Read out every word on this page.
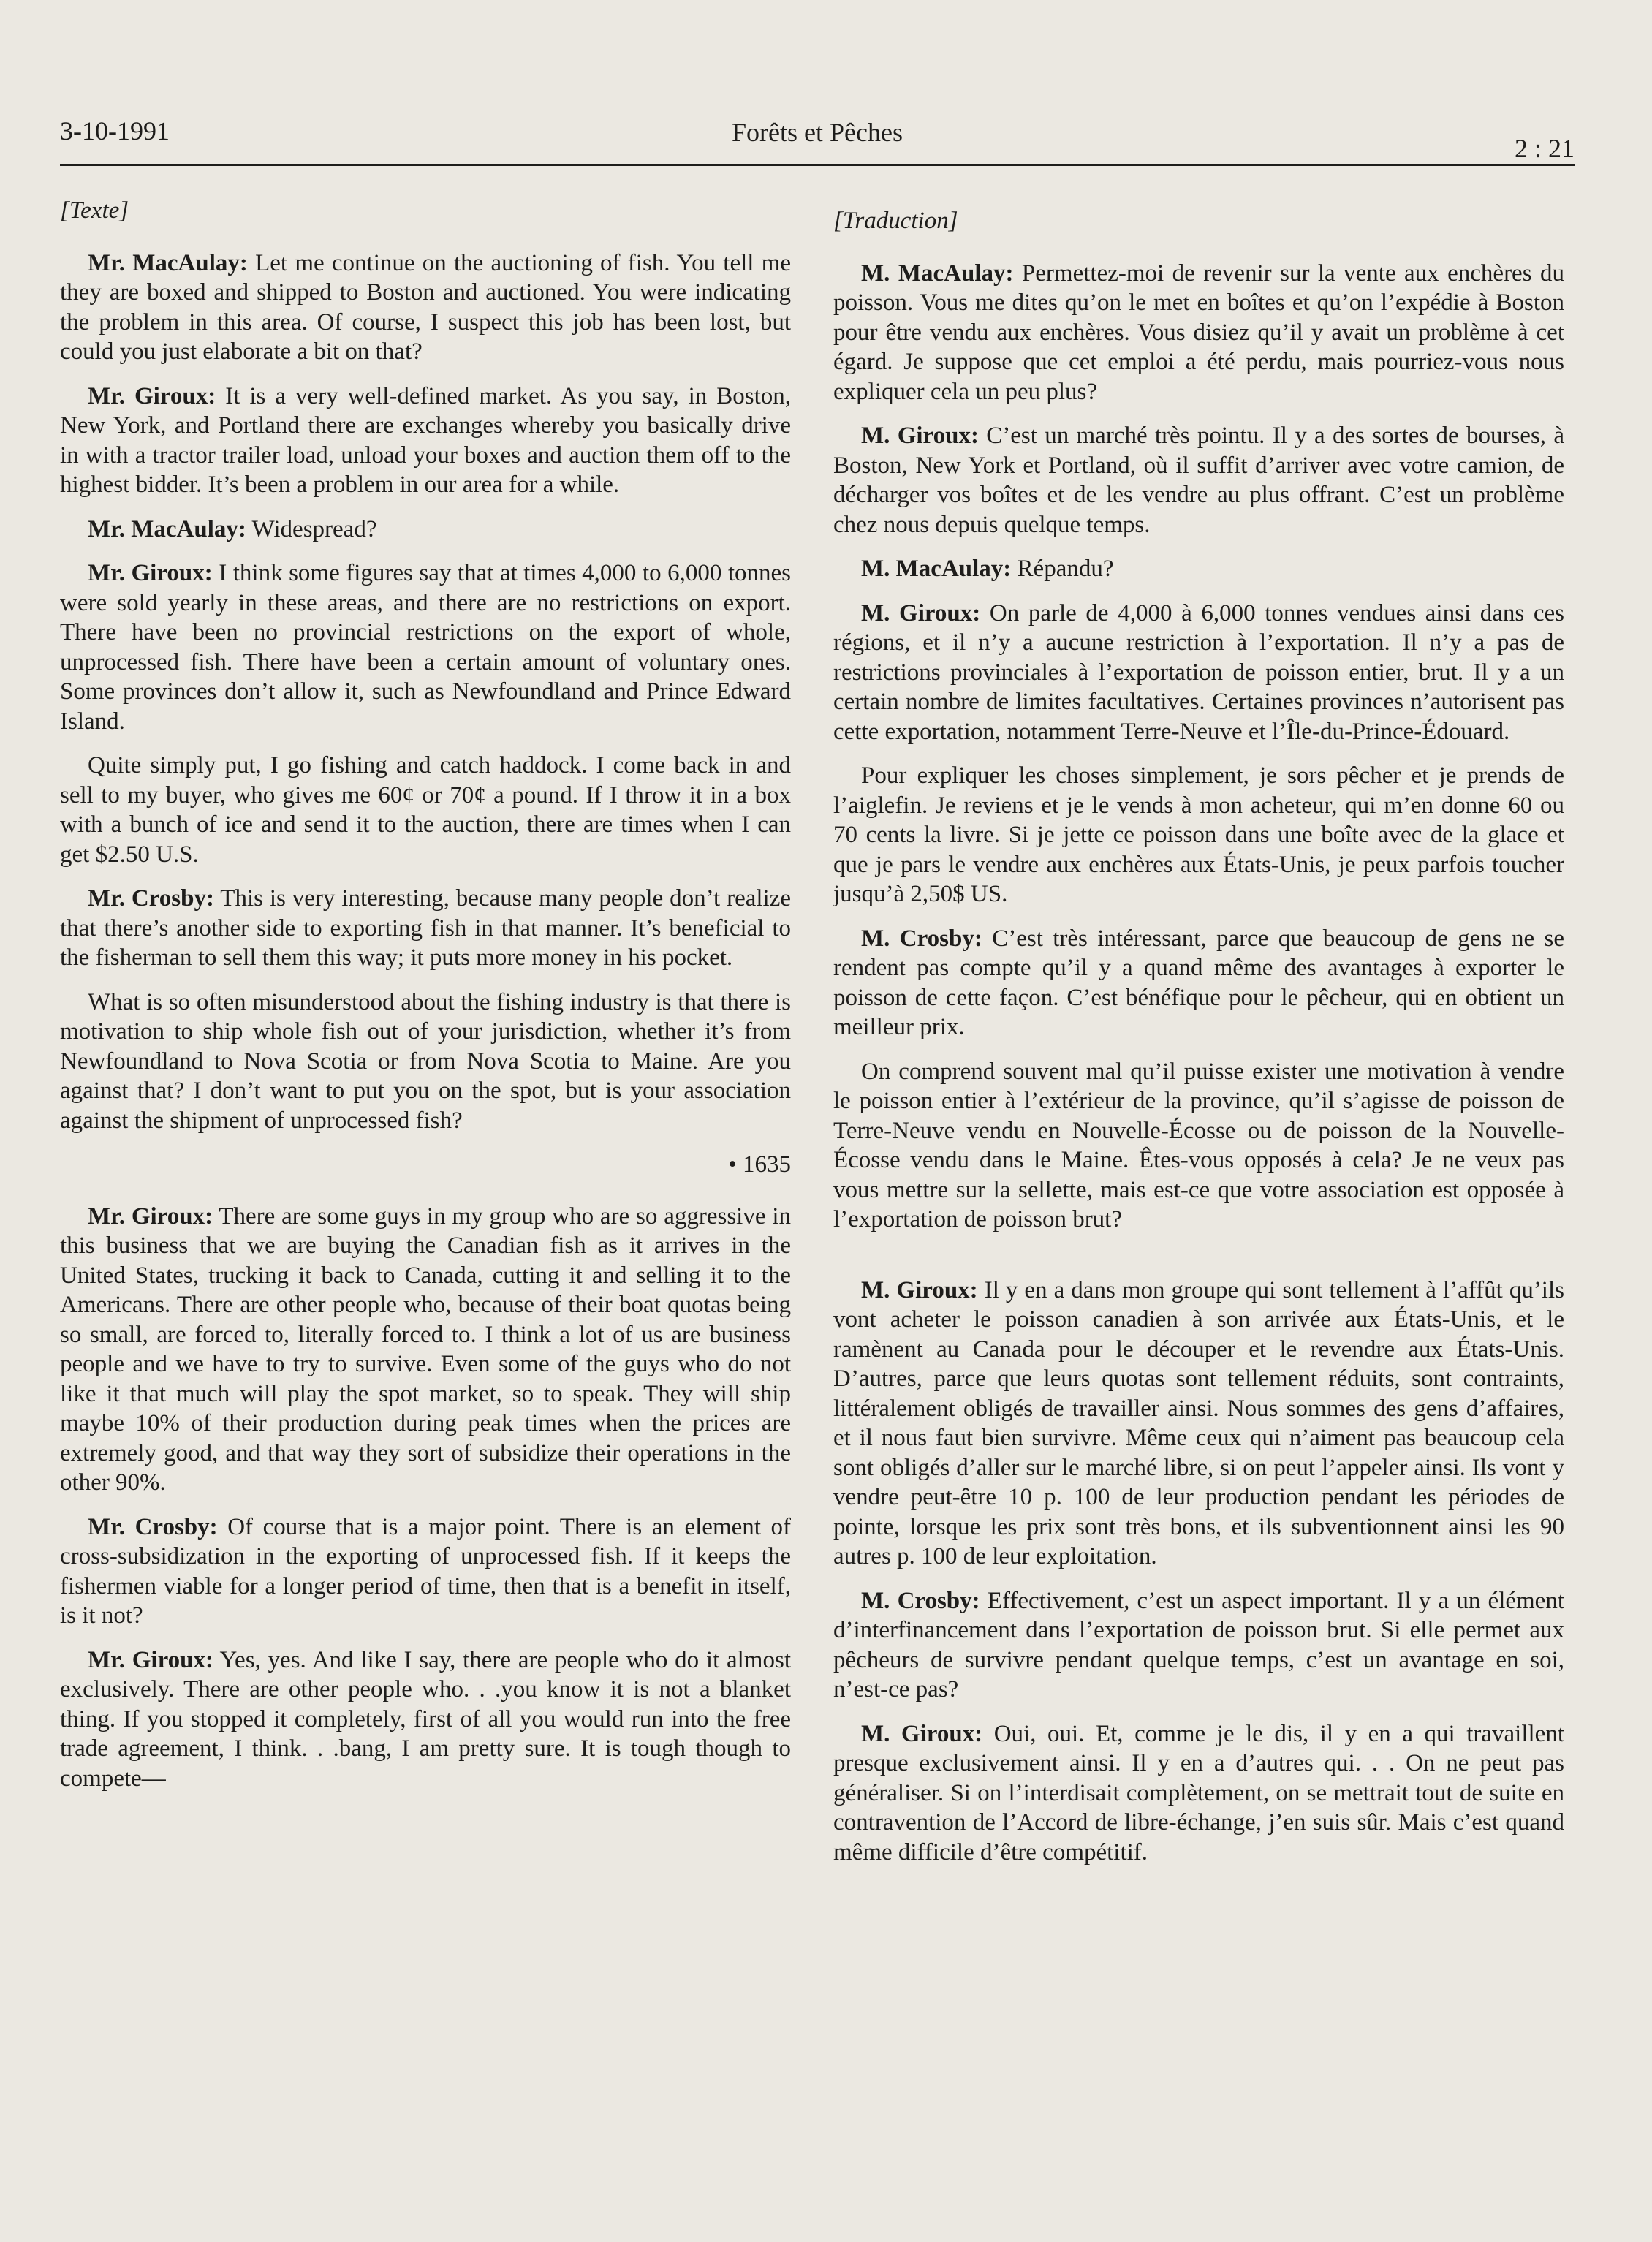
3-10-1991	Forêts et Pêches
2 : 21
[Texte]

Mr. MacAulay: Let me continue on the auctioning of fish. You tell me they are boxed and shipped to Boston and auctioned. You were indicating the problem in this area. Of course, I suspect this job has been lost, but could you just elaborate a bit on that?

Mr. Giroux: It is a very well-defined market. As you say, in Boston, New York, and Portland there are exchanges whereby you basically drive in with a tractor trailer load, unload your boxes and auction them off to the highest bidder. It’s been a problem in our area for a while.

Mr. MacAulay: Widespread?

Mr. Giroux: I think some figures say that at times 4,000 to 6,000 tonnes were sold yearly in these areas, and there are no restrictions on export. There have been no provincial restrictions on the export of whole, unprocessed fish. There have been a certain amount of voluntary ones. Some provinces don’t allow it, such as Newfoundland and Prince Edward Island.

Quite simply put, I go fishing and catch haddock. I come back in and sell to my buyer, who gives me 60¢ or 70¢ a pound. If I throw it in a box with a bunch of ice and send it to the auction, there are times when I can get $2.50 U.S.

Mr. Crosby: This is very interesting, because many people don’t realize that there’s another side to exporting fish in that manner. It’s beneficial to the fisherman to sell them this way; it puts more money in his pocket.

What is so often misunderstood about the fishing industry is that there is motivation to ship whole fish out of your jurisdiction, whether it’s from Newfoundland to Nova Scotia or from Nova Scotia to Maine. Are you against that? I don’t want to put you on the spot, but is your association against the shipment of unprocessed fish?

• 1635

Mr. Giroux: There are some guys in my group who are so aggressive in this business that we are buying the Canadian fish as it arrives in the United States, trucking it back to Canada, cutting it and selling it to the Americans. There are other people who, because of their boat quotas being so small, are forced to, literally forced to. I think a lot of us are business people and we have to try to survive. Even some of the guys who do not like it that much will play the spot market, so to speak. They will ship maybe 10% of their production during peak times when the prices are extremely good, and that way they sort of subsidize their operations in the other 90%.

Mr. Crosby: Of course that is a major point. There is an element of cross-subsidization in the exporting of unprocessed fish. If it keeps the fishermen viable for a longer period of time, then that is a benefit in itself, is it not?

Mr. Giroux: Yes, yes. And like I say, there are people who do it almost exclusively. There are other people who. . .you know it is not a blanket thing. If you stopped it completely, first of all you would run into the free trade agreement, I think. . .bang, I am pretty sure. It is tough though to compete—

[Traduction]

M. MacAulay: Permettez-moi de revenir sur la vente aux enchères du poisson. Vous me dites qu’on le met en boîtes et qu’on l’expédie à Boston pour être vendu aux enchères. Vous disiez qu’il y avait un problème à cet égard. Je suppose que cet emploi a été perdu, mais pourriez-vous nous expliquer cela un peu plus?

M. Giroux: C’est un marché très pointu. Il y a des sortes de bourses, à Boston, New York et Portland, où il suffit d’arriver avec votre camion, de décharger vos boîtes et de les vendre au plus offrant. C’est un problème chez nous depuis quelque temps.

M. MacAulay: Répandu?

M. Giroux: On parle de 4,000 à 6,000 tonnes vendues ainsi dans ces régions, et il n’y a aucune restriction à l’exportation. Il n’y a pas de restrictions provinciales à l’exportation de poisson entier, brut. Il y a un certain nombre de limites facultatives. Certaines provinces n’autorisent pas cette exportation, notamment Terre-Neuve et l’Île-du-Prince-Édouard.

Pour expliquer les choses simplement, je sors pêcher et je prends de l’aiglefin. Je reviens et je le vends à mon acheteur, qui m’en donne 60 ou 70 cents la livre. Si je jette ce poisson dans une boîte avec de la glace et que je pars le vendre aux enchères aux États-Unis, je peux parfois toucher jusqu’à 2,50$ US.

M. Crosby: C’est très intéressant, parce que beaucoup de gens ne se rendent pas compte qu’il y a quand même des avantages à exporter le poisson de cette façon. C’est bénéfique pour le pêcheur, qui en obtient un meilleur prix.

On comprend souvent mal qu’il puisse exister une motivation à vendre le poisson entier à l’extérieur de la province, qu’il s’agisse de poisson de Terre-Neuve vendu en Nouvelle-Écosse ou de poisson de la Nouvelle-Écosse vendu dans le Maine. Êtes-vous opposés à cela? Je ne veux pas vous mettre sur la sellette, mais est-ce que votre association est opposée à l’exportation de poisson brut?

M. Giroux: Il y en a dans mon groupe qui sont tellement à l’affût qu’ils vont acheter le poisson canadien à son arrivée aux États-Unis, et le ramènent au Canada pour le découper et le revendre aux États-Unis. D’autres, parce que leurs quotas sont tellement réduits, sont contraints, littéralement obligés de travailler ainsi. Nous sommes des gens d’affaires, et il nous faut bien survivre. Même ceux qui n’aiment pas beaucoup cela sont obligés d’aller sur le marché libre, si on peut l’appeler ainsi. Ils vont y vendre peut-être 10 p. 100 de leur production pendant les périodes de pointe, lorsque les prix sont très bons, et ils subventionnent ainsi les 90 autres p. 100 de leur exploitation.

M. Crosby: Effectivement, c’est un aspect important. Il y a un élément d’interfinancement dans l’exportation de poisson brut. Si elle permet aux pêcheurs de survivre pendant quelque temps, c’est un avantage en soi, n’est-ce pas?

M. Giroux: Oui, oui. Et, comme je le dis, il y en a qui travaillent presque exclusivement ainsi. Il y en a d’autres qui. . . On ne peut pas généraliser. Si on l’interdisait complètement, on se mettrait tout de suite en contravention de l’Accord de libre-échange, j’en suis sûr. Mais c’est quand même difficile d’être compétitif.
